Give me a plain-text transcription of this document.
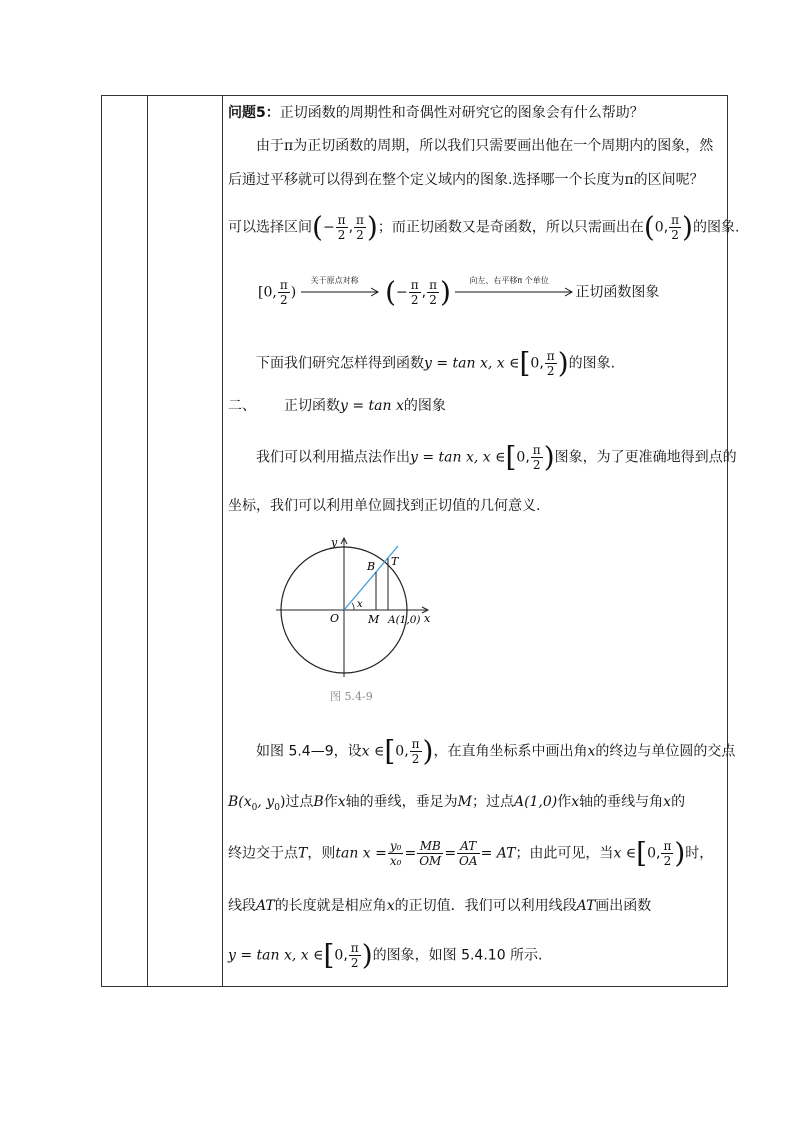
问题5：正切函数的周期性和奇偶性对研究它的图象会有什么帮助？
由于π为正切函数的周期，所以我们只需要画出他在一个周期内的图象，然
后通过平移就可以得到在整个定义域内的图象.选择哪一个长度为π的区间呢？
可以选择区间(− $\frac{\pi}{2}$ , $\frac{\pi}{2}$ )；而正切函数又是奇函数，所以只需画出在(0, $\frac{\pi}{2}$ )的图象.
[0, $\frac{\pi}{2}$ )
关于原点对称 (− $\frac{\pi}{2}$ , $\frac{\pi}{2}$ ) 向左、右平移π 个单位
正切函数图象
下面我们研究怎样得到函数y = tan x, x ∈[0, $\frac{\pi}{2}$ )的图象.
二、 正切函数y = tan x的图象
我们可以利用描点法作出y = tan x, x ∈[0, $\frac{\pi}{2}$ )图象，为了更准确地得到点的
坐标，我们可以利用单位圆找到正切值的几何意义.
如图 5.4—9，设x ∈[0, $\frac{\pi}{2}$ )，在直角坐标系中画出角x的终边与单位圆的交点
$B(x_0$, $y_0$)过点B作x轴的垂线，垂足为M；过点A(1,0)作x轴的垂线与角x的
终边交于点T，则$\tan x = \frac{\text{y₀}}{\text{x₀}} = \frac{MB}{OM} = \frac{AT}{OA}$ = AT；由此可见，当x ∈[0, $\frac{\pi}{2}$ )时，
线段AT的长度就是相应角x的正切值．我们可以利用线段AT画出函数
y = tan x, x ∈[0, $\frac{\pi}{2}$ )的图象，如图 5.4.10 所示.
y
x
B T
O	M A(1,0)
x
图 5.4-9
